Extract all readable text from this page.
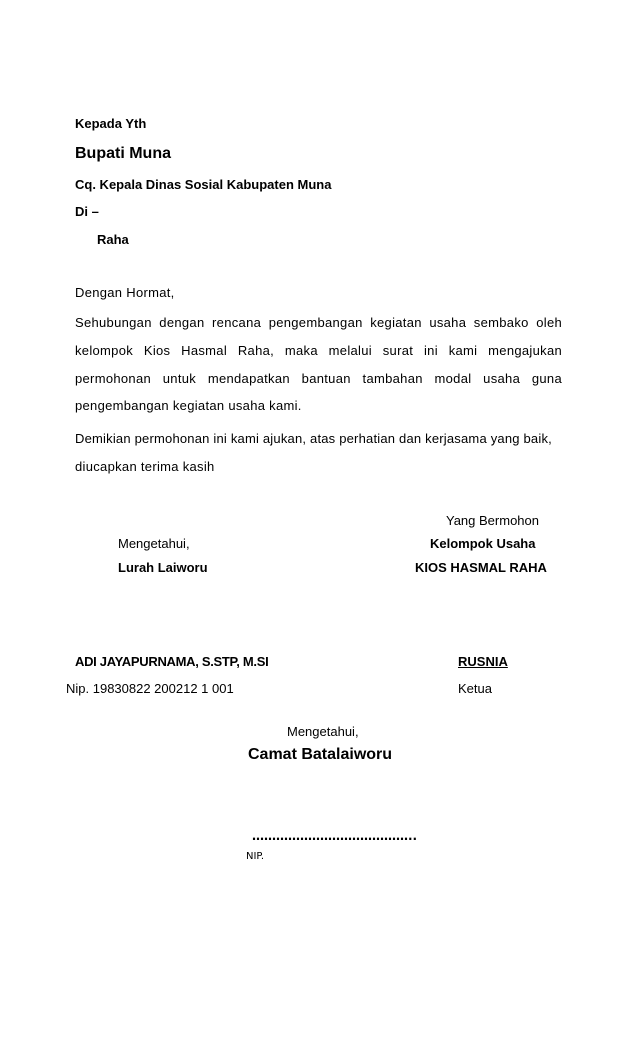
Kepada Yth
Bupati Muna
Cq. Kepala Dinas Sosial Kabupaten Muna
Di –
Raha
Dengan Hormat,
Sehubungan dengan rencana pengembangan kegiatan usaha sembako oleh
kelompok Kios Hasmal Raha, maka melalui surat ini kami mengajukan
permohonan untuk mendapatkan bantuan tambahan modal usaha guna
pengembangan kegiatan usaha kami.
Demikian permohonan ini kami ajukan, atas perhatian dan kerjasama yang baik,
diucapkan terima kasih
Yang Bermohon
Kelompok Usaha
KIOS HASMAL RAHA
Mengetahui,
Lurah Laiworu
ADI JAYAPURNAMA, S.STP, M.SI
Nip. 19830822 200212 1 001
RUSNIA
Ketua
Mengetahui,
Camat Batalaiworu
…………………………………..
NIP.
